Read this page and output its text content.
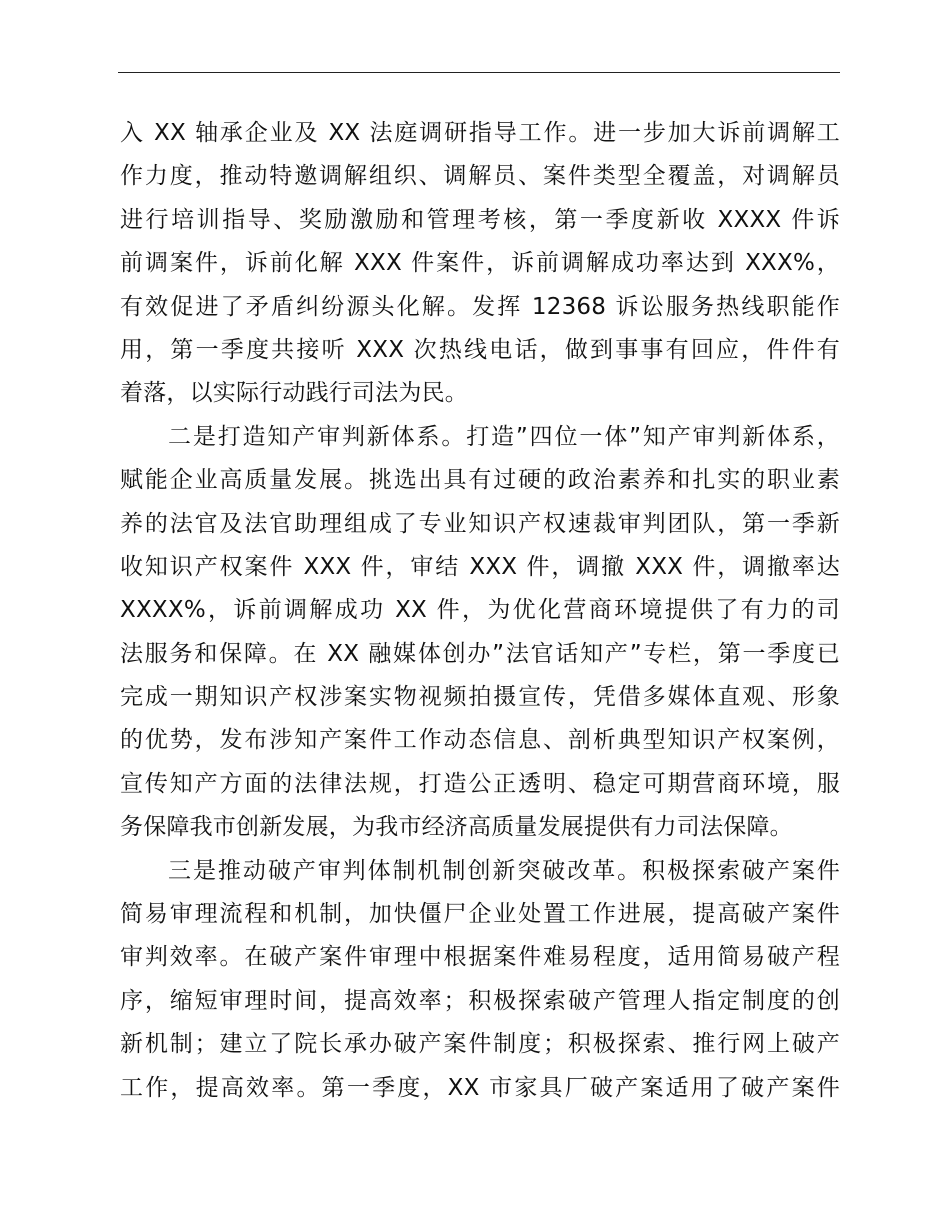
入 XX 轴承企业及 XX 法庭调研指导工作。进一步加大诉前调解工
作力度，推动特邀调解组织、调解员、案件类型全覆盖，对调解员
进行培训指导、奖励激励和管理考核，第一季度新收 XXXX 件诉
前调案件，诉前化解 XXX 件案件，诉前调解成功率达到 XXX%，
有效促进了矛盾纠纷源头化解。发挥 12368 诉讼服务热线职能作
用，第一季度共接听 XXX 次热线电话，做到事事有回应，件件有
着落，以实际行动践行司法为民。
二是打造知产审判新体系。打造”四位一体”知产审判新体系，
赋能企业高质量发展。挑选出具有过硬的政治素养和扎实的职业素
养的法官及法官助理组成了专业知识产权速裁审判团队，第一季新
收知识产权案件 XXX 件，审结 XXX 件，调撤 XXX 件，调撤率达
XXXX%，诉前调解成功 XX 件，为优化营商环境提供了有力的司
法服务和保障。在 XX 融媒体创办”法官话知产”专栏，第一季度已
完成一期知识产权涉案实物视频拍摄宣传，凭借多媒体直观、形象
的优势，发布涉知产案件工作动态信息、剖析典型知识产权案例，
宣传知产方面的法律法规，打造公正透明、稳定可期营商环境，服
务保障我市创新发展，为我市经济高质量发展提供有力司法保障。
三是推动破产审判体制机制创新突破改革。积极探索破产案件
简易审理流程和机制，加快僵尸企业处置工作进展，提高破产案件
审判效率。在破产案件审理中根据案件难易程度，适用简易破产程
序，缩短审理时间，提高效率；积极探索破产管理人指定制度的创
新机制；建立了院长承办破产案件制度；积极探索、推行网上破产
工作，提高效率。第一季度，XX 市家具厂破产案适用了破产案件
